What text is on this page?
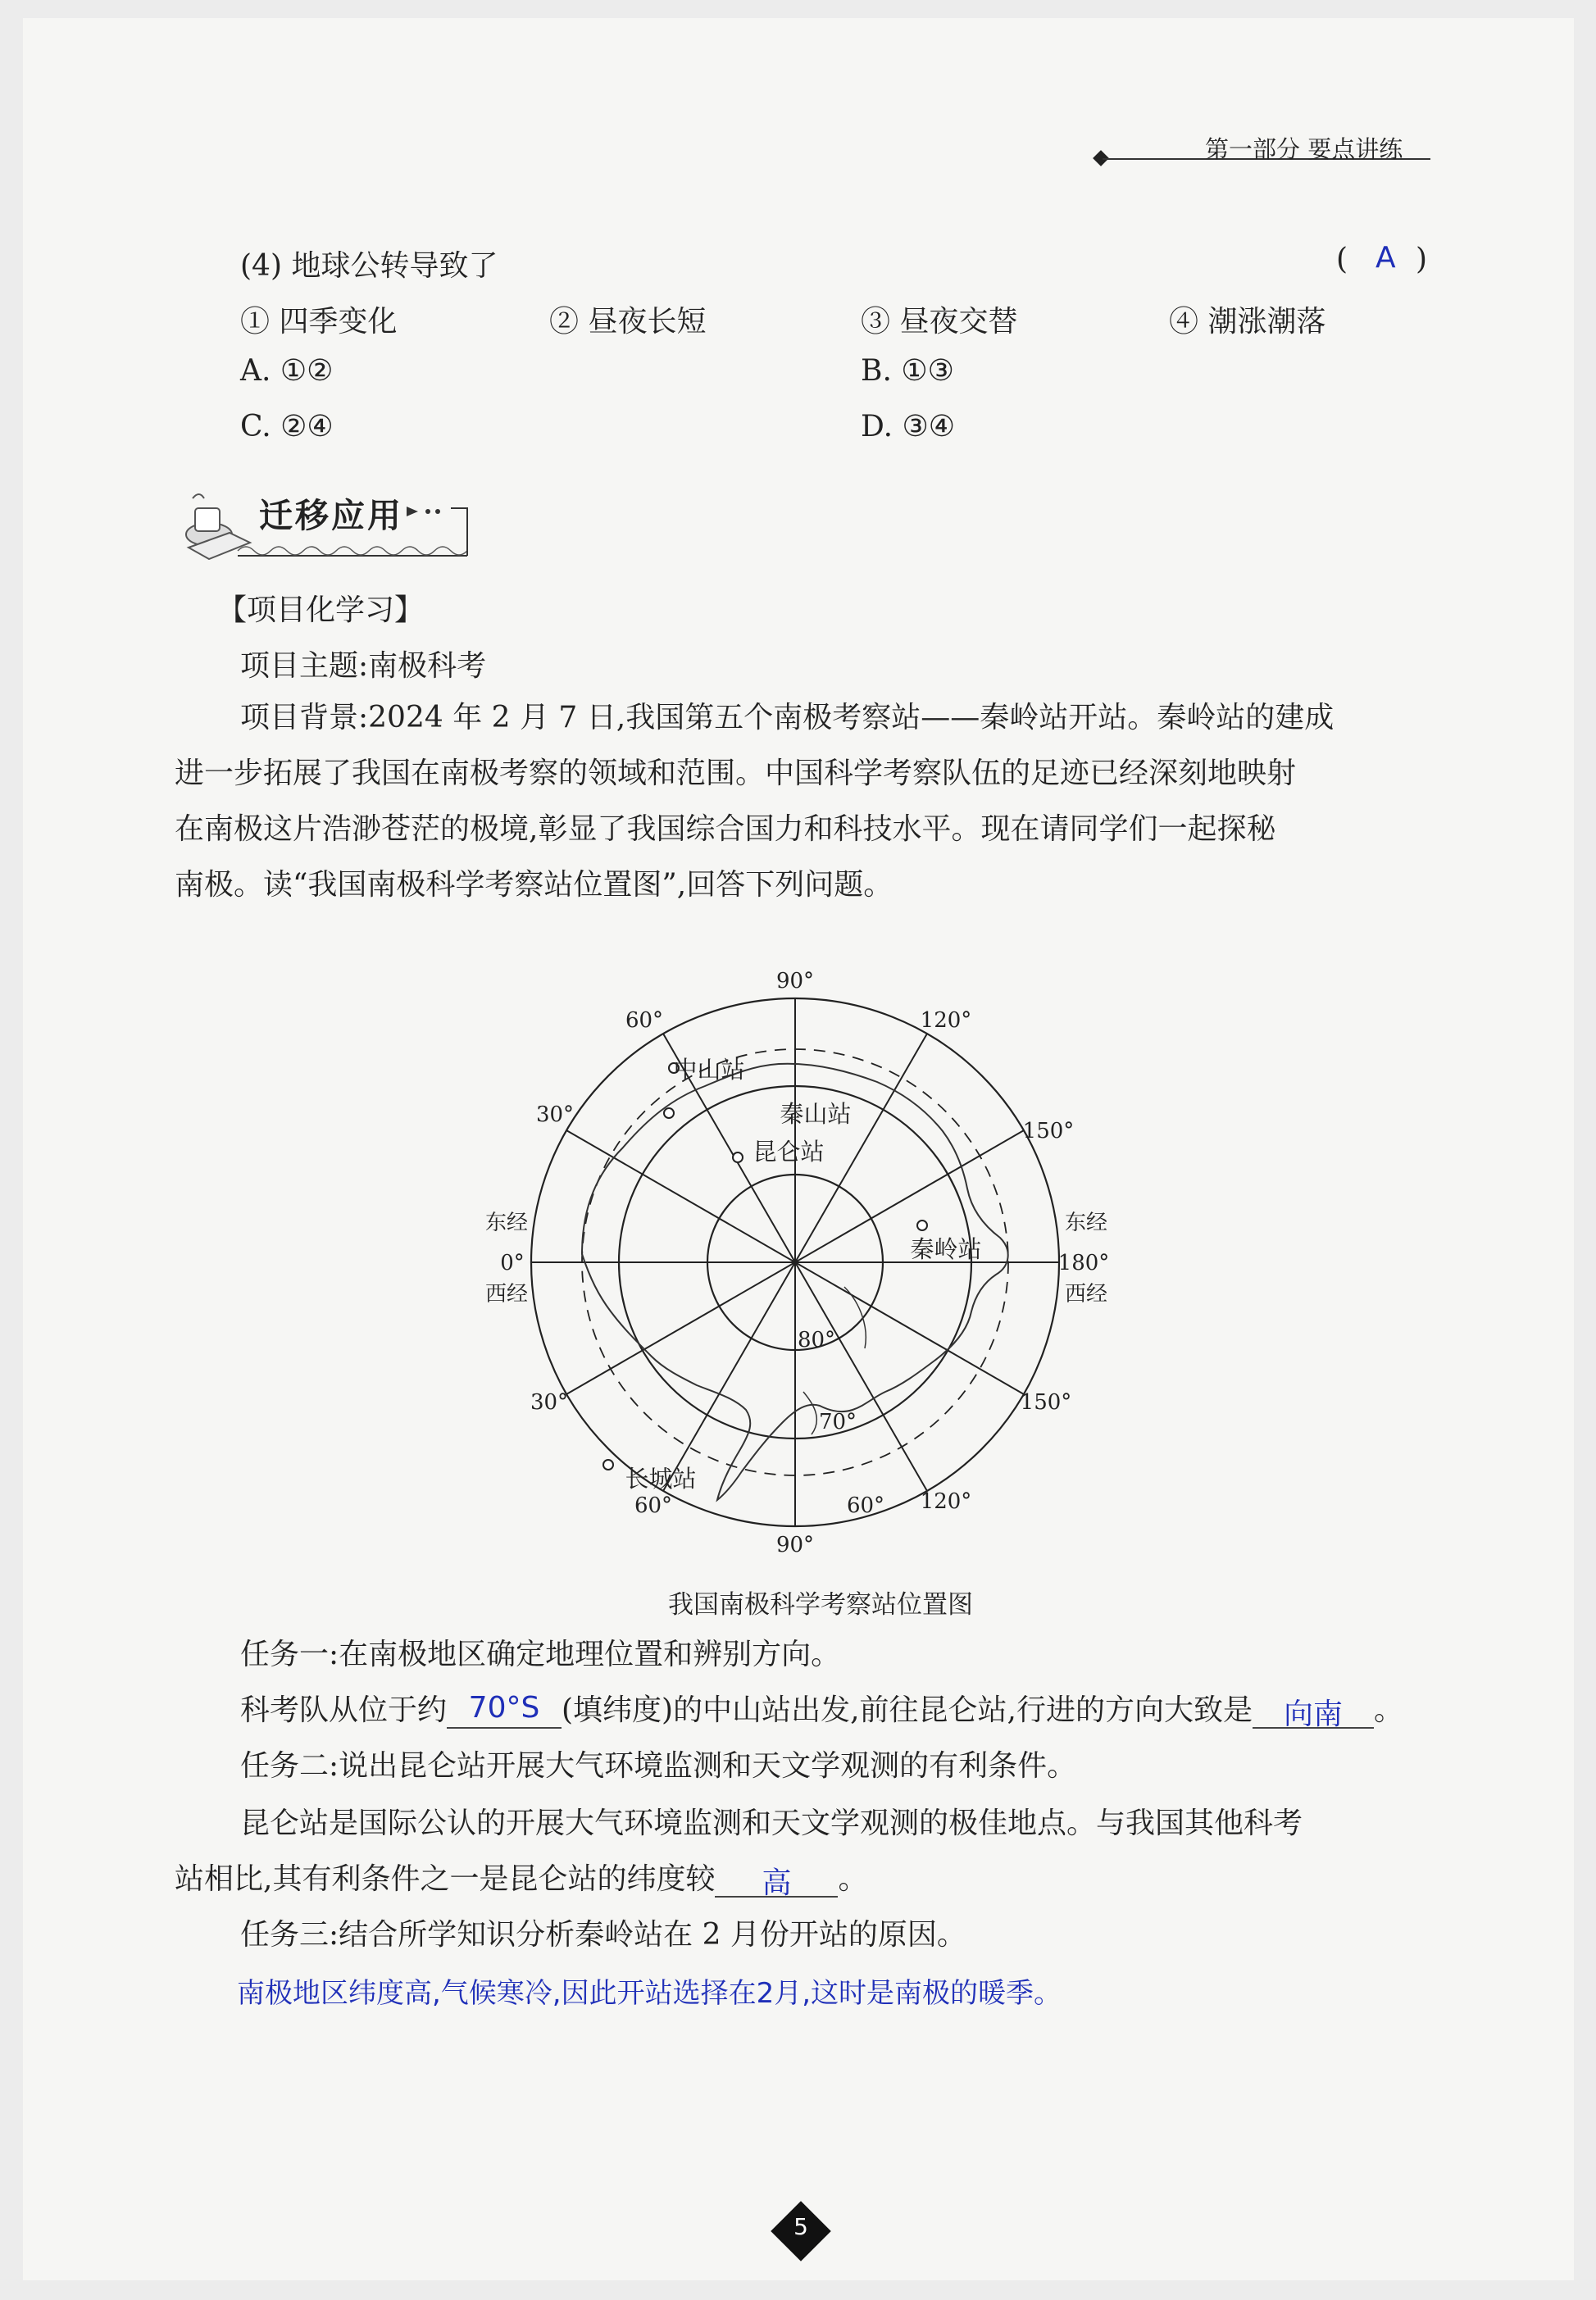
第一部分 要点讲练
(4) 地球公转导致了	( A )
① 四季变化	② 昼夜长短	③ 昼夜交替	④ 潮涨潮落
A. ①②	B. ①③
C. ②④	D. ③④
迁移应用
【项目化学习】
项目主题:南极科考
项目背景:2024 年 2 月 7 日,我国第五个南极考察站——秦岭站开站。秦岭站的建成
进一步拓展了我国在南极考察的领域和范围。中国科学考察队伍的足迹已经深刻地映射
在南极这片浩渺苍茫的极境,彰显了我国综合国力和科技水平。现在请同学们一起探秘
南极。读“我国南极科学考察站位置图”,回答下列问题。
90°
90°
60°	120°
30°
150°
30°	150°
60°	120°
东经
0°
西经
东经
180°
西经
80°
70°
60°
中山站
秦山站
昆仑站
秦岭站
长城站
我国南极科学考察站位置图
任务一:在南极地区确定地理位置和辨别方向。
科考队从位于约 70°S (填纬度)的中山站出发,前往昆仑站,行进的方向大致是 向南 。
任务二:说出昆仑站开展大气环境监测和天文学观测的有利条件。
昆仑站是国际公认的开展大气环境监测和天文学观测的极佳地点。与我国其他科考
站相比,其有利条件之一是昆仑站的纬度较 高 。
任务三:结合所学知识分析秦岭站在 2 月份开站的原因。
南极地区纬度高,气候寒冷,因此开站选择在2月,这时是南极的暖季。
5
